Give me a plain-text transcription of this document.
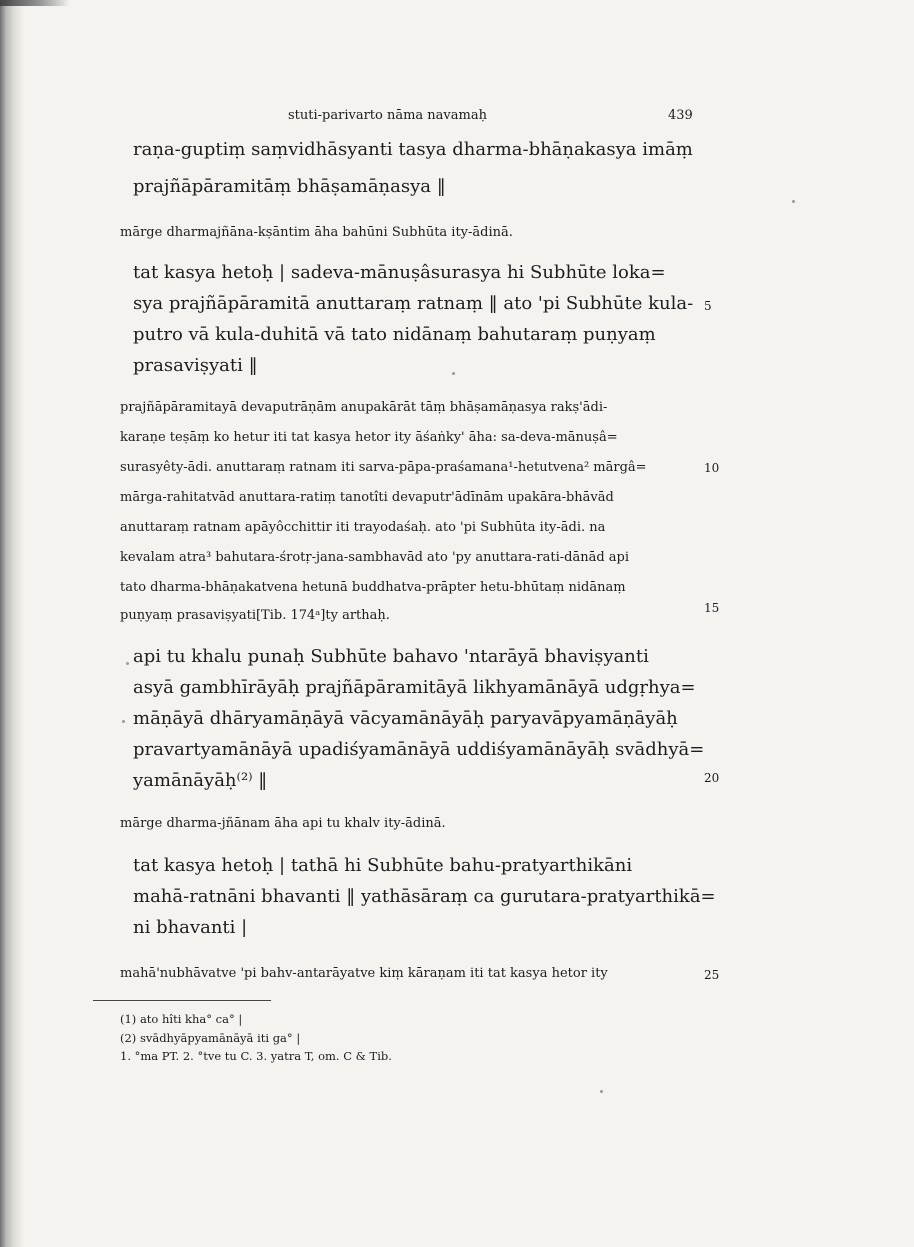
stuti-parivarto nāma navamaḥ	439
raṇa-guptiṃ saṃvidhāsyanti tasya dharma-bhāṇakasya imāṃ
prajñāpāramitāṃ bhāṣamāṇasya ‖
mārge dharmajñāna-kṣāntim āha bahūni Subhūta ity-ādinā.
tat kasya hetoḥ | sadeva-mānuṣâsurasya hi Subhūte loka=
sya prajñāpāramitā anuttaraṃ ratnaṃ ‖ ato 'pi Subhūte kula-
putro vā kula-duhitā vā tato nidānaṃ bahutaraṃ puṇyaṃ
prasaviṣyati ‖
prajñāpāramitayā devaputrāṇām anupakārāt tāṃ bhāṣamāṇasya rakṣ'ādi-
karaṇe teṣāṃ ko hetur iti tat kasya hetor ity āśaṅky' āha: sa-deva-mānuṣâ=
surasyêty-ādi. anuttaraṃ ratnam iti sarva-pāpa-praśamana¹-hetutvena² mārgâ=
mārga-rahitatvād anuttara-ratiṃ tanotîti devaputr'ādīnām upakāra-bhāvād
anuttaraṃ ratnam apāyôcchittir iti trayodaśaḥ. ato 'pi Subhūta ity-ādi. na
kevalam atra³ bahutara-śrotṛ-jana-sambhavād ato 'py anuttara-rati-dānād api
tato dharma-bhāṇakatvena hetunā buddhatva-prāpter hetu-bhūtaṃ nidānaṃ
puṇyaṃ prasaviṣyati[Tib. 174ᵃ]ty arthaḥ.
api tu khalu punaḥ Subhūte bahavo 'ntarāyā bhaviṣyanti
asyā gambhīrāyāḥ prajñāpāramitāyā likhyamānāyā udgṛhya=
māṇāyā dhāryamāṇāyā vācyamānāyāḥ paryavāpyamāṇāyāḥ
pravartyamānāyā upadiśyamānāyā uddiśyamānāyāḥ svādhyā=
yamānāyāḥ⁽²⁾ ‖
mārge dharma-jñānam āha api tu khalv ity-ādinā.
tat kasya hetoḥ | tathā hi Subhūte bahu-pratyarthikāni
mahā-ratnāni bhavanti ‖ yathāsāraṃ ca gurutara-pratyarthikā=
ni bhavanti |
mahā'nubhāvatve 'pi bahv-antarāyatve kiṃ kāraṇam iti tat kasya hetor ity
5
10
15
20
25
(1) ato hîti kha° ca° |
(2) svādhyāpyamānāyā iti ga° |
1. °ma PT. 2. °tve tu C. 3. yatra T, om. C & Tib.
